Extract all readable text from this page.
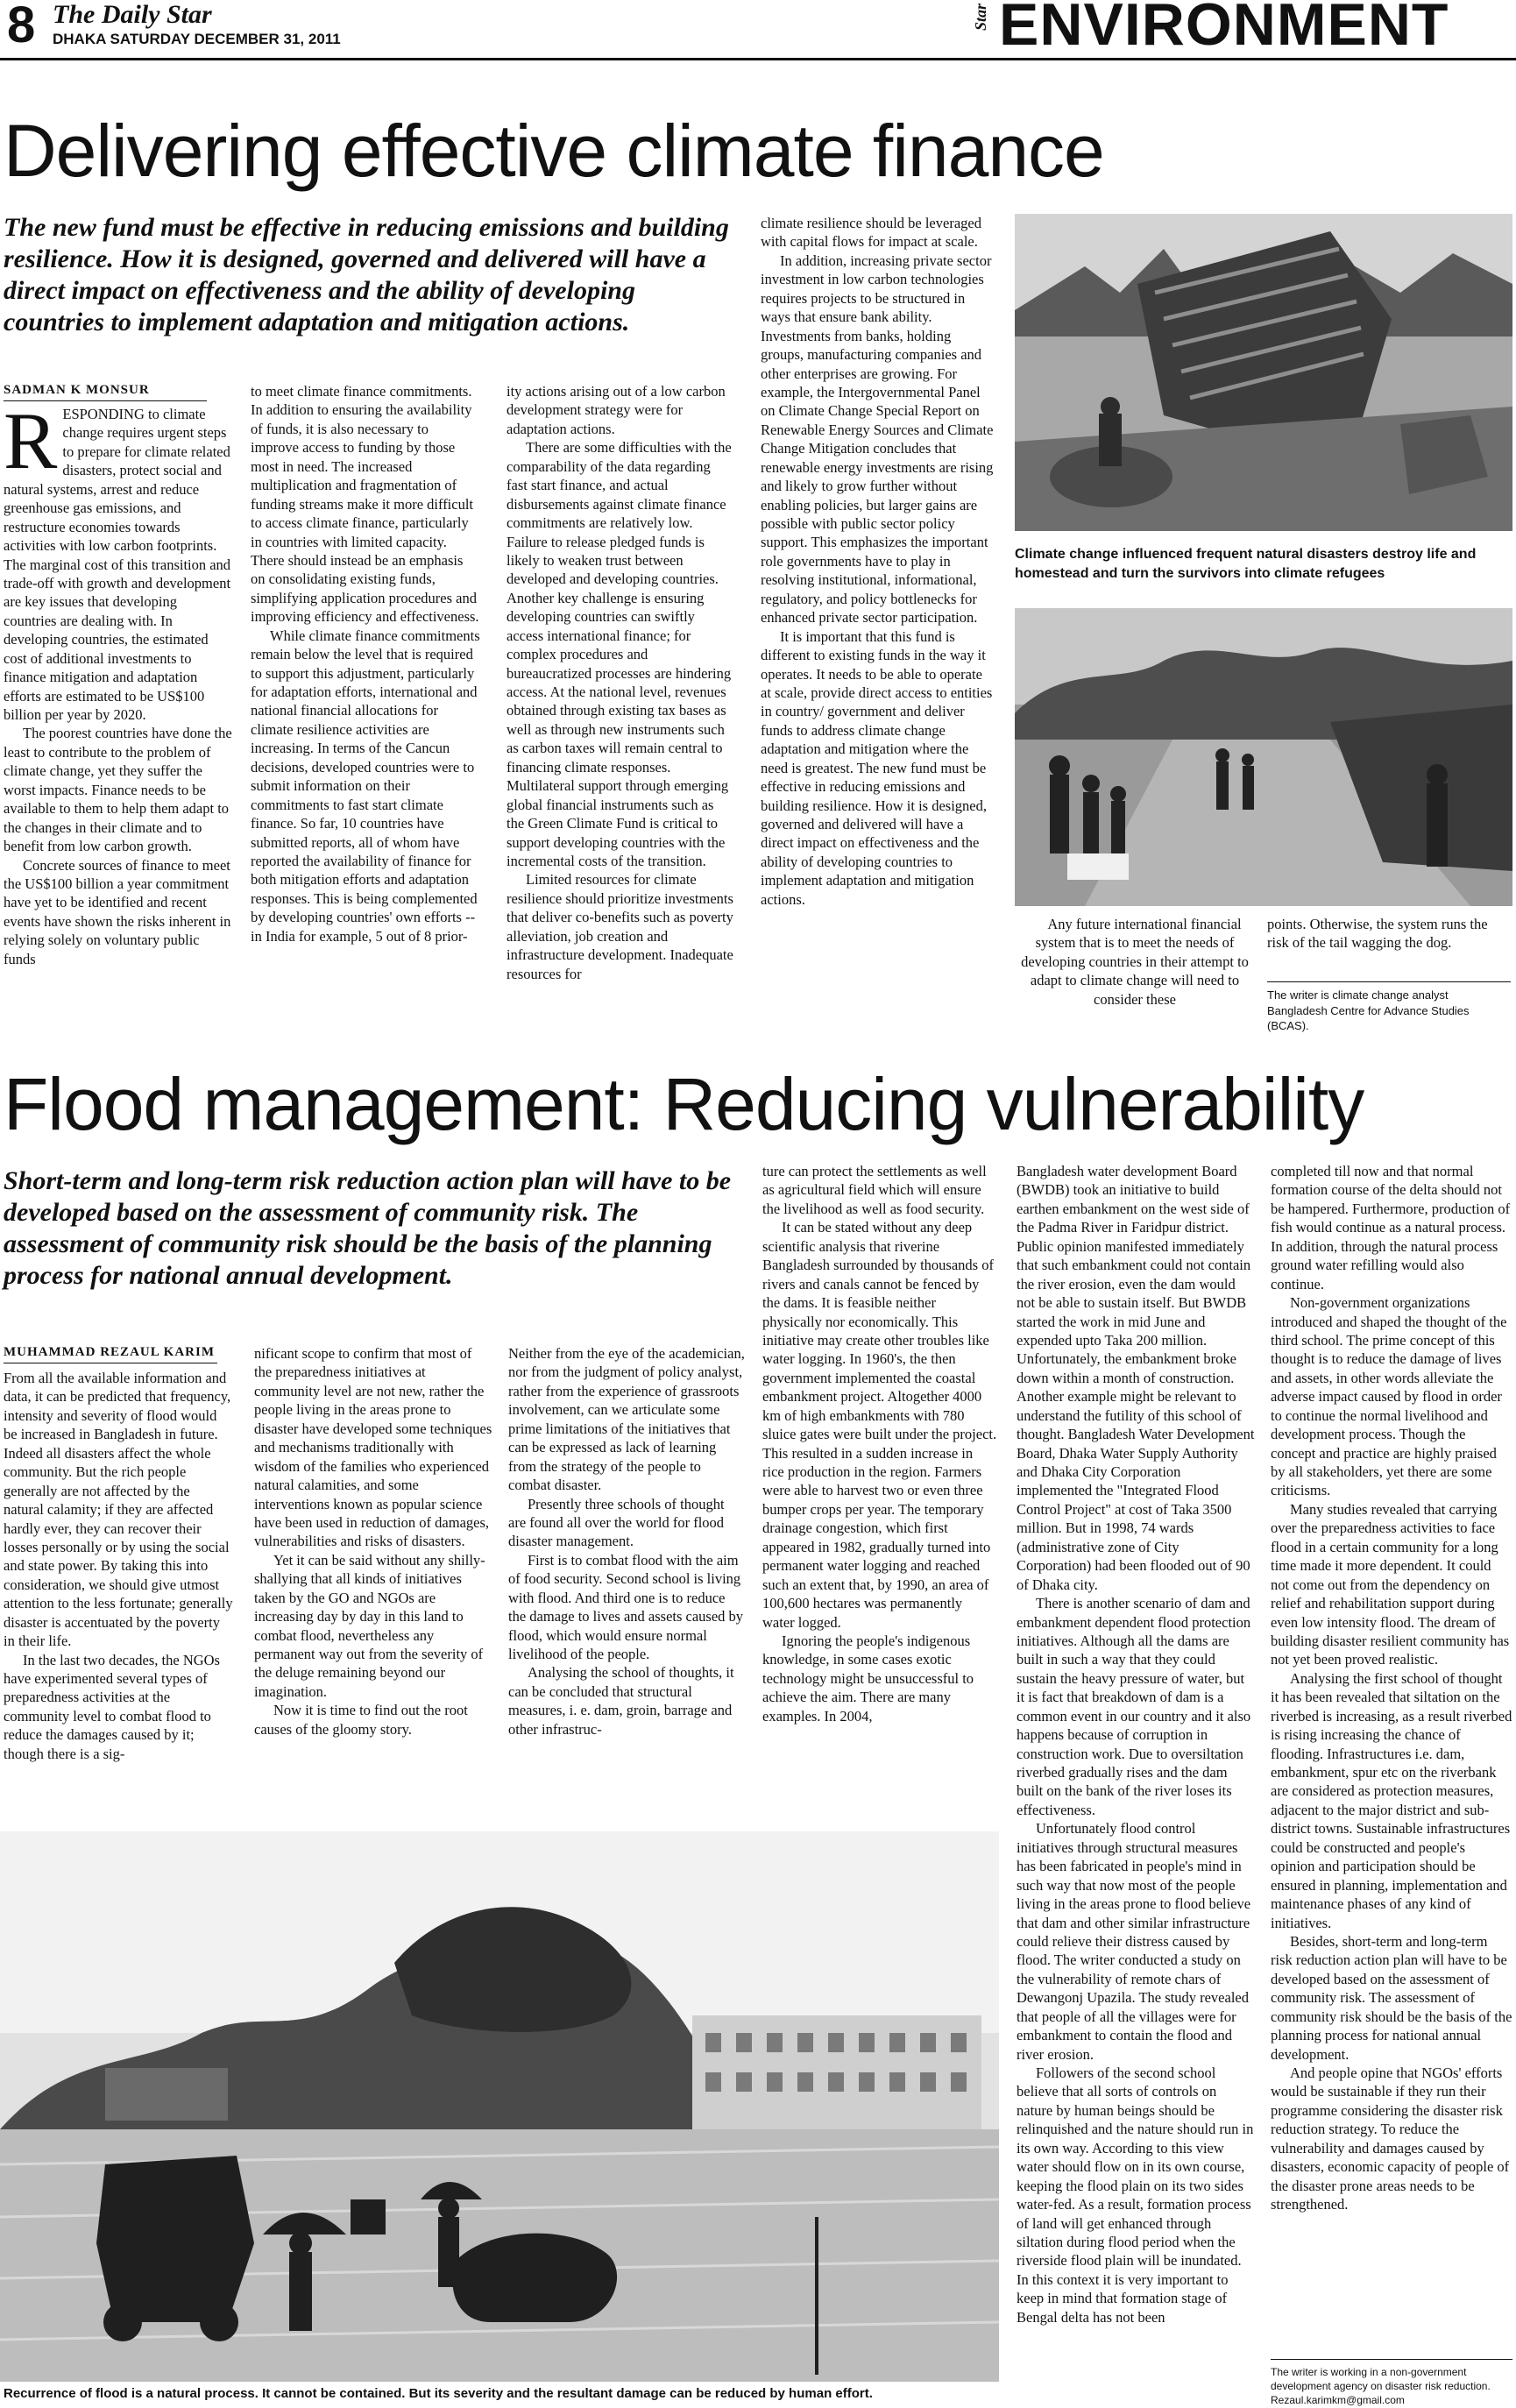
8 The Daily Star
DHAKA SATURDAY DECEMBER 31, 2011
Star ENVIRONMENT
Delivering effective climate finance
The new fund must be effective in reducing emissions and building resilience. How it is designed, governed and delivered will have a direct impact on effectiveness and the ability of developing countries to implement adaptation and mitigation actions.
SADMAN K MONSUR

RESPONDING to climate change requires urgent steps to prepare for climate related disasters, protect social and natural systems, arrest and reduce greenhouse gas emissions, and restructure economies towards activities with low carbon footprints. The marginal cost of this transition and trade-off with growth and development are key issues that developing countries are dealing with. In developing countries, the estimated cost of additional investments to finance mitigation and adaptation efforts are estimated to be US$100 billion per year by 2020.

The poorest countries have done the least to contribute to the problem of climate change, yet they suffer the worst impacts. Finance needs to be available to them to help them adapt to the changes in their climate and to benefit from low carbon growth.

Concrete sources of finance to meet the US$100 billion a year commitment have yet to be identified and recent events have shown the risks inherent in relying solely on voluntary public funds

to meet climate finance commitments. In addition to ensuring the availability of funds, it is also necessary to improve access to funding by those most in need. The increased multiplication and fragmentation of funding streams make it more difficult to access climate finance, particularly in countries with limited capacity. There should instead be an emphasis on consolidating existing funds, simplifying application procedures and improving efficiency and effectiveness.

While climate finance commitments remain below the level that is required to support this adjustment, particularly for adaptation efforts, international and national financial allocations for climate resilience activities are increasing. In terms of the Cancun decisions, developed countries were to submit information on their commitments to fast start climate finance. So far, 10 countries have submitted reports, all of whom have reported the availability of finance for both mitigation efforts and adaptation responses. This is being complemented by developing countries' own efforts -- in India for example, 5 out of 8 prior-

ity actions arising out of a low carbon development strategy were for adaptation actions.

There are some difficulties with the comparability of the data regarding fast start finance, and actual disbursements against climate finance commitments are relatively low. Failure to release pledged funds is likely to weaken trust between developed and developing countries. Another key challenge is ensuring developing countries can swiftly access international finance; for complex procedures and bureaucratized processes are hindering access. At the national level, revenues obtained through existing tax bases as well as through new instruments such as carbon taxes will remain central to financing climate responses. Multilateral support through emerging global financial instruments such as the Green Climate Fund is critical to support developing countries with the incremental costs of the transition.

Limited resources for climate resilience should prioritize investments that deliver co-benefits such as poverty alleviation, job creation and infrastructure development. Inadequate resources for

climate resilience should be leveraged with capital flows for impact at scale.

In addition, increasing private sector investment in low carbon technologies requires projects to be structured in ways that ensure bank ability. Investments from banks, holding groups, manufacturing companies and other enterprises are growing. For example, the Intergovernmental Panel on Climate Change Special Report on Renewable Energy Sources and Climate Change Mitigation concludes that renewable energy investments are rising and likely to grow further without enabling policies, but larger gains are possible with public sector policy support. This emphasizes the important role governments have to play in resolving institutional, informational, regulatory, and policy bottlenecks for enhanced private sector participation.

It is important that this fund is different to existing funds in the way it operates. It needs to be able to operate at scale, provide direct access to entities in country/ government and deliver funds to address climate change adaptation and mitigation where the need is greatest. The new fund must be effective in reducing emissions and building resilience. How it is designed, governed and delivered will have a direct impact on effectiveness and the ability of developing countries to implement adaptation and mitigation actions.

Climate change influenced frequent natural disasters destroy life and homestead and turn the survivors into climate refugees

Any future international financial system that is to meet the needs of developing countries in their attempt to adapt to climate change will need to consider these

points. Otherwise, the system runs the risk of the tail wagging the dog.

The writer is climate change analyst Bangladesh Centre for Advance Studies (BCAS).
Flood management: Reducing vulnerability
Short-term and long-term risk reduction action plan will have to be developed based on the assessment of community risk. The assessment of community risk should be the basis of the planning process for national annual development.
MUHAMMAD REZAUL KARIM

From all the available information and data, it can be predicted that frequency, intensity and severity of flood would be increased in Bangladesh in future. Indeed all disasters affect the whole community. But the rich people generally are not affected by the natural calamity; if they are affected hardly ever, they can recover their losses personally or by using the social and state power. By taking this into consideration, we should give utmost attention to the less fortunate; generally disaster is accentuated by the poverty in their life.

In the last two decades, the NGOs have experimented several types of preparedness activities at the community level to combat flood to reduce the damages caused by it; though there is a sig-

nificant scope to confirm that most of the preparedness initiatives at community level are not new, rather the people living in the areas prone to disaster have developed some techniques and mechanisms traditionally with wisdom of the families who experienced natural calamities, and some interventions known as popular science have been used in reduction of damages, vulnerabilities and risks of disasters.

Yet it can be said without any shilly-shallying that all kinds of initiatives taken by the GO and NGOs are increasing day by day in this land to combat flood, nevertheless any permanent way out from the severity of the deluge remaining beyond our imagination.

Now it is time to find out the root causes of the gloomy story.

Neither from the eye of the academician, nor from the judgment of policy analyst, rather from the experience of grassroots involvement, can we articulate some prime limitations of the initiatives that can be expressed as lack of learning from the strategy of the people to combat disaster.

Presently three schools of thought are found all over the world for flood disaster management.

First is to combat flood with the aim of food security. Second school is living with flood. And third one is to reduce the damage to lives and assets caused by flood, which would ensure normal livelihood of the people.

Analysing the school of thoughts, it can be concluded that structural measures, i. e. dam, groin, barrage and other infrastruc-

ture can protect the settlements as well as agricultural field which will ensure the livelihood as well as food security.

It can be stated without any deep scientific analysis that riverine Bangladesh surrounded by thousands of rivers and canals cannot be fenced by the dams. It is feasible neither physically nor economically. This initiative may create other troubles like water logging. In 1960's, the then government implemented the coastal embankment project. Altogether 4000 km of high embankments with 780 sluice gates were built under the project. This resulted in a sudden increase in rice production in the region. Farmers were able to harvest two or even three bumper crops per year. The temporary drainage congestion, which first appeared in 1982, gradually turned into permanent water logging and reached such an extent that, by 1990, an area of 100,600 hectares was permanently water logged.

Ignoring the people's indigenous knowledge, in some cases exotic technology might be unsuccessful to achieve the aim. There are many examples. In 2004,

Bangladesh water development Board (BWDB) took an initiative to build earthen embankment on the west side of the Padma River in Faridpur district. Public opinion manifested immediately that such embankment could not contain the river erosion, even the dam would not be able to sustain itself. But BWDB started the work in mid June and expended upto Taka 200 million. Unfortunately, the embankment broke down within a month of construction. Another example might be relevant to understand the futility of this school of thought. Bangladesh Water Development Board, Dhaka Water Supply Authority and Dhaka City Corporation implemented the "Integrated Flood Control Project" at cost of Taka 3500 million. But in 1998, 74 wards (administrative zone of City Corporation) had been flooded out of 90 of Dhaka city.

There is another scenario of dam and embankment dependent flood protection initiatives. Although all the dams are built in such a way that they could sustain the heavy pressure of water, but it is fact that breakdown of dam is a common event in our country and it also happens because of corruption in construction work. Due to oversiltation riverbed gradually rises and the dam built on the bank of the river loses its effectiveness.

Unfortunately flood control initiatives through structural measures has been fabricated in people's mind in such way that now most of the people living in the areas prone to flood believe that dam and other similar infrastructure could relieve their distress caused by flood. The writer conducted a study on the vulnerability of remote chars of Dewangonj Upazila. The study revealed that people of all the villages were for embankment to contain the flood and river erosion.

Followers of the second school believe that all sorts of controls on nature by human beings should be relinquished and the nature should run in its own way. According to this view water should flow on in its own course, keeping the flood plain on its two sides water-fed. As a result, formation process of land will get enhanced through siltation during flood period when the riverside flood plain will be inundated. In this context it is very important to keep in mind that formation stage of Bengal delta has not been

completed till now and that normal formation course of the delta should not be hampered. Furthermore, production of fish would continue as a natural process. In addition, through the natural process ground water refilling would also continue.

Non-government organizations introduced and shaped the thought of the third school. The prime concept of this thought is to reduce the damage of lives and assets, in other words alleviate the adverse impact caused by flood in order to continue the normal livelihood and development process. Though the concept and practice are highly praised by all stakeholders, yet there are some criticisms.

Many studies revealed that carrying over the preparedness activities to face flood in a certain community for a long time made it more dependent. It could not come out from the dependency on relief and rehabilitation support during even low intensity flood. The dream of building disaster resilient community has not yet been proved realistic.

Analysing the first school of thought it has been revealed that siltation on the riverbed is increasing, as a result riverbed is rising increasing the chance of flooding. Infrastructures i.e. dam, embankment, spur etc on the riverbank are considered as protection measures, adjacent to the major district and sub-district towns. Sustainable infrastructures could be constructed and people's opinion and participation should be ensured in planning, implementation and maintenance phases of any kind of initiatives.

Besides, short-term and long-term risk reduction action plan will have to be developed based on the assessment of community risk. The assessment of community risk should be the basis of the planning process for national annual development.

And people opine that NGOs' efforts would be sustainable if they run their programme considering the disaster risk reduction strategy. To reduce the vulnerability and damages caused by disasters, economic capacity of people of the disaster prone areas needs to be strengthened.

Recurrence of flood is a natural process. It cannot be contained. But its severity and the resultant damage can be reduced by human effort.
The writer is working in a non-government development agency on disaster risk reduction. Rezaul.karimkm@gmail.com
